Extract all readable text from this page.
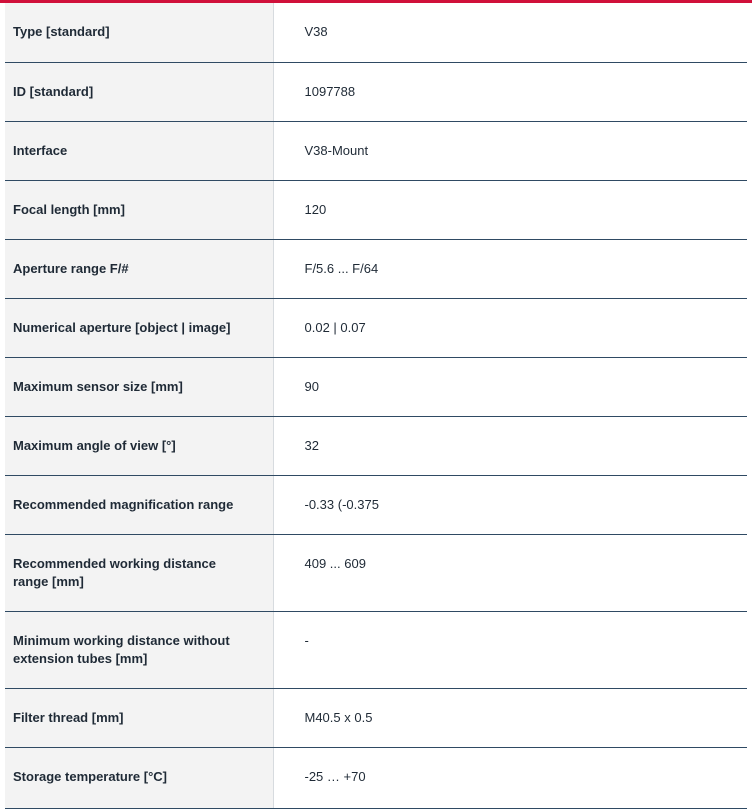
Type [standard]	V38
ID [standard]	1097788
Interface	V38-Mount
Focal length [mm]	120
Aperture range F/#	F/5.6 ... F/64
Numerical aperture [object | image]	0.02 | 0.07
Maximum sensor size [mm]	90
Maximum angle of view [°]	32
Recommended magnification range	-0.33 (-0.375
Recommended working distance range [mm]	409 ... 609
Minimum working distance without extension tubes [mm]	-
Filter thread [mm]	M40.5 x 0.5
Storage temperature [°C]	-25 … +70
